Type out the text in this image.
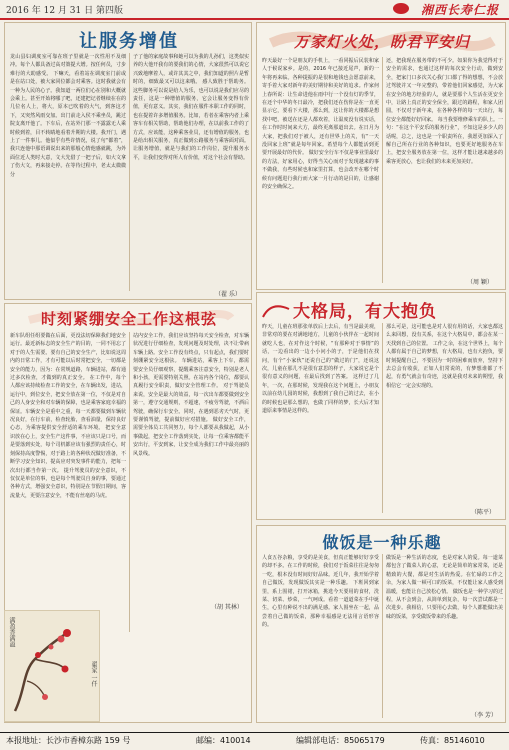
2016 年 12 月 31 日 第四版	湘西长寿仁报
让服务增值
龙山县妇调度室可靠在班子里就是一次性用不及细冲。每个人都具备过高对策提大增。按任何员，寸步难行的大助感受。 下嘛天，看着站在调度室门前或是在站口处，被大家同位都会对乘客。这时我就会有一种为人民的心子。我知道一两位们心在别和大概就会乘上。甚至开始将哪了吧，还建把记者继续在在的几位名人上，将大，原本已吹着的大气，到客这才下，又突然风雨交加。出门前走入侯不乘坐员，跳过院支离开他了。下车后，在站外门那一不露露无人乘时候到着，目不转睛地看着升期的大楼。我开门，遇上了一件事儿。他似乎有些许情况，说了句“都着”，我只连他中那语调说出来的那般心情他感就跳，为外面位近人类时大意，文大先借了一把子后，如大文拿了伤大文，再来接走停。在等待过程中，老太太微微分
子了他的家庭故事和她可以为我的儿孙们，这类似实养的大他开我有的要我们的心情，大家很然可以说它兴致地摩着人，或许其其之中，我们知道的照片是暂时的，细致最又可以这来哦。 感人致胜于帮助务。这些脚务可以说是给人为乐，也可以说是我们应尽的责任，这是一种增值的服务，它会让服务变得有价值，更有意义。其实，我们在服件本职工作的同时，也在提着许多增值服务。比如，若者在乘客内者上乘客车有相关帮助，帮助他们办理，在以前我工作的了方式，应该能，这种乘客业员，还有增值的服务，也是给出相关服务，真正做到公路服务与乘客面对面。 让服务增值，就是与我们的工作岗位，提升服务水平，让我们变得对所人有价值，对这个社会有帮助。
（翟 乐）
万家灯火处，盼君平安归
昨天最好一个是朋友的手机上，一看同振后民装和家人于候说家乡。是的，2016 年已接近尾声，新的一年将再来临。各种提振的是很和地钱也会愿意前来，寄手着大家对新年的美好期待和美好的追求。作家何上春所说：让生命进他在雨中行一个没有灯的季节，在还个中华的冬日最冷，把我们还在伤你是在一直更显示它，要看下大楼，那么到，这让你的大楼都是想找中吧，被送在还是人都欢着，让温度没有说实话，在工作时时间来大方，最终更离那道出去。在日月为大家，把我们对于被人，还有世界上的关，有“一天没回家上班”就是每年回家。希望每个人都能活到更要开展最好的代价。 做好安全行车不仅是事业里最好的方法，好家用心，好得当关心而对于发现越来的事不做我，有些时候也和家里打算，也会改开在哪个时候有问题进行我行而大家一月行动的是目的，让感谢的安全确保之。
还，把我现在服务带的不可少。如果你为我觉得对于安全的需求，也通过这样的每次安全行动，做到安全，把家门口多次关心我门口都了得的想想，不会放过驾驶并又一年完整的，带着他们回家感觉，为大家在安全的地方经验的人，就是要那个人生活在更安全中，让路上真正的安全保全，跟过的路程，和家人团圆，不仅对于新年来，在各种各样的每一天出行，每位安全都能好好回家。 每当我要维修乘车的队上。一句：“在这个平安乐的服务行业”，不知这是多少人的话呢，总之，这也是一个职责所在，我愿更加深入了解自己所在行业的各种知识，也要更好地服务在车上，把安全服务放在第一位，这样才能让越来越多的乘客更放心，也让我们的未来更加美好。
（周 颖）
时刻紧绷安全工作这根弦
新车队组任组要做在后面，更没法切保障我们地安全运行。最近新标志的安全生产的目的，一同不用忘了对于的人生需要。要有自己的安全生产，比如说这周内的日常工作，才有可能以后时常把安全，一切都是安全的能力，因为：在常规道路，车辆进站，都有通过多次检查，才做到的真正安全。 在工作中，每个人都应该持续检查工作的安全，在车辆出发，进站，运行中，到位安全，把安全放在第一位，不仅是对自己的人身安全和对车辆的保障，也是乘客家庭幸福的保证。车辆安全是重中之重，每一天都要做到车辆状况良好，在行车前，检查轮胎，查看油量，保持良好心态，为乘客提供安全舒适的乘车环境。 把安全意识放在心上，安全生产这件事，不应该只是口号，而是要落到实处，每个司机都应该有强烈的责任心，时刻保持高度警惕，对于路上的各种状况做好准备，不断学习安全知识，提高应对突发事件的能力，把每一次出行都当作第一次。 提升驾驶员的安全意识，不仅仅是单位的事，也是每个驾驶员自身的事，要通过各种方式，增强安全意识，特别是在节假日期间，客流量大，更要注意安全，不能有丝毫的马虎。
站内安全工作，我们应该坚持每天安全检查，对车辆状况进行仔细检查，发现问题及时处理，决不让带病车辆上路。安全工作没有终点，只有起点，我们要时刻绷紧安全这根弦。 车辆进站，乘客上下车，都需要安全员仔细观察，提醒乘客注意安全，特别是老人和小孩，更需要特别关照。在站内各个岗位，都要认真履行安全职责，做好安全管理工作。 对于驾驶员来说，安全是最大的效益，每一次出车都要做到安全第一，遵守交通规则，不超速，不疲劳驾驶，不酒后驾驶，确保行车安全。同时，在遇到恶劣天气时，更要谨慎驾驶，提前做好应对措施。 做好安全工作，需要全体员工共同努力，每个人都要从我做起，从小事做起，把安全工作落到实处，让每一位乘客都能平安出行，平安到家，让安全成为我们工作中最亮丽的风景线。
（胡 其林）
满盈香满溢
翟家 一仟
大格局，有大抱负
昨天，儿童在班那张单放后上去后，有当是最美观，非常对的要在对满地地方，儿童的小伙伴在一起时间就吃人也，在对作这个时候，“有那种对于事情”的话，一边看出的一边小小问小的子，于是他们在找问，有个“小家伙”还说自己的“做过的门”，还说这次，儿童在那儿不是很有意思的样子，大家说它是个很有意义的问题，在最后找到了答案。 这样过了几年，一次，在那时候，发现我在这个问题上，小朋友以前在幼儿园的时候，我想到了我自己的过去，在小的时候也是那么想的，也做了同样的梦，长大后才知道原来事情是这样的。
那么可是，这可能也是对人很有用的话，大家也都这么来回想，没有关系，在这个大格局中，都会在某一天找到自己的位置。 工作之余，在这个世界上，每个人都有属于自己的梦想，有大格局，也有大抱负，要时刻提醒自己，不要因为一时的困难而放弃，坚持下去总会有收获，正如人们常说的，有梦想谁都了不起，有勇气就会有奇迹，这就是我对未来的期望，我相信它一定会实现的。
（陈平）
做饭是一种乐趣
人食五谷杂粮，享受的是美食，但真正能够好好享受的却不多。在工作的时候，我们对于饭菜往往是匆匆一吃，根本没有时间好好品味。近几年，我开始学着自己做饭，发现做饭其实是一种乐趣。 下班回到家里，系上围裙，打开冰箱，挑选今天要用的食材，洗菜、切菜、炒菜，一气呵成。看着一道道菜在手中诞生，心里有种说不出的满足感。家人围坐在一起，品尝着自己做的饭菜，那种幸福感是无法用言语形容的。
做饭是一种生活的态度，也是对家人的爱。每一道菜都包含了做菜人的心意，无论是简单的家常菜，还是精致的大餐，都是对生活的热爱。在忙碌的工作之余，为家人做一顿可口的饭菜，不仅能让家人感受到温暖，也能让自己放松心情。 做饭也是一种学习的过程，从不会到会，从简单到复杂，每一次尝试都是一次进步。我相信，只要用心去做，每个人都能做出美味的饭菜，享受做饭带来的乐趣。
（李 芳）
本报地址：长沙市香樟东路 159 号	邮编：410014	编辑部电话：85065179	传真：85146010
